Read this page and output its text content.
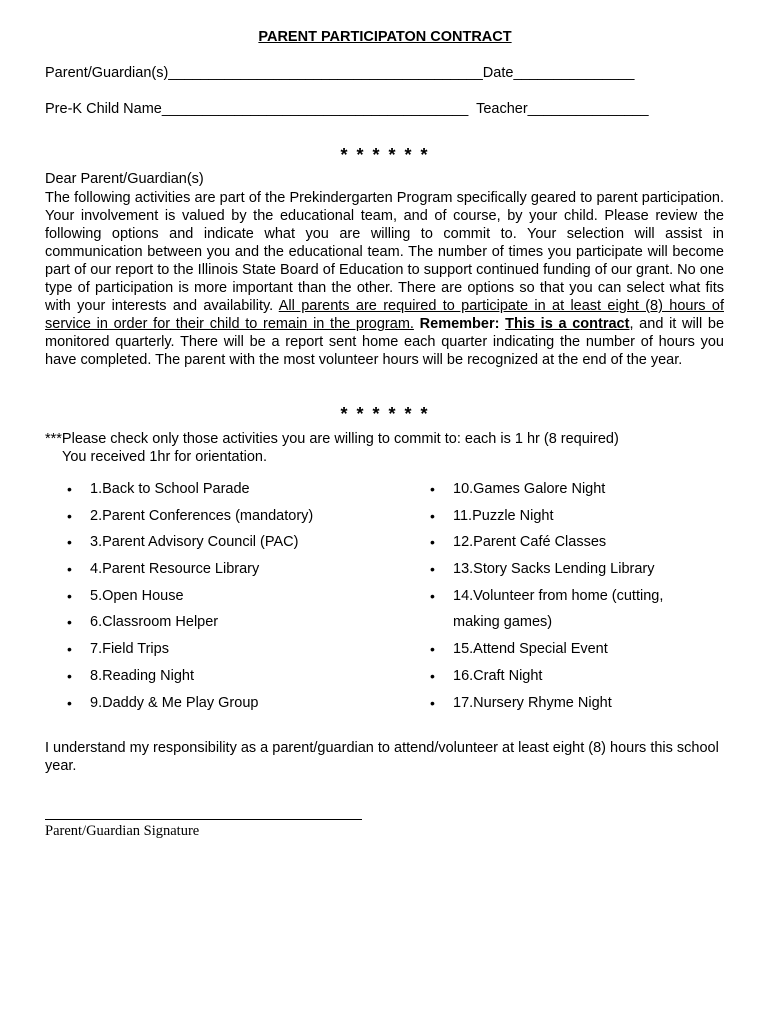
PARENT PARTICIPATON CONTRACT
Parent/Guardian(s)_______________________________________Date_______________
Pre-K Child Name______________________________________  Teacher_______________
* * * * * *
Dear Parent/Guardian(s)
The following activities are part of the Prekindergarten Program specifically geared to parent participation. Your involvement is valued by the educational team, and of course, by your child. Please review the following options and indicate what you are willing to commit to. Your selection will assist in communication between you and the educational team. The number of times you participate will become part of our report to the Illinois State Board of Education to support continued funding of our grant. No one type of participation is more important than the other. There are options so that you can select what fits with your interests and availability. All parents are required to participate in at least eight (8) hours of service in order for their child to remain in the program. Remember: This is a contract, and it will be monitored quarterly. There will be a report sent home each quarter indicating the number of hours you have completed. The parent with the most volunteer hours will be recognized at the end of the year.
* * * * * *
***Please check only those activities you are willing to commit to: each is 1 hr (8 required)
You received 1hr for orientation.
• 1.Back to School Parade
• 2.Parent Conferences (mandatory)
• 3.Parent Advisory Council (PAC)
• 4.Parent Resource Library
• 5.Open House
• 6.Classroom Helper
• 7.Field Trips
• 8.Reading Night
• 9.Daddy & Me Play Group
• 10.Games Galore Night
• 11.Puzzle Night
• 12.Parent Café Classes
• 13.Story Sacks Lending Library
• 14.Volunteer from home (cutting,
making games)
• 15.Attend Special Event
• 16.Craft Night
• 17.Nursery Rhyme Night
I understand my responsibility as a parent/guardian to attend/volunteer at least eight (8) hours this school year.
Parent/Guardian Signature
